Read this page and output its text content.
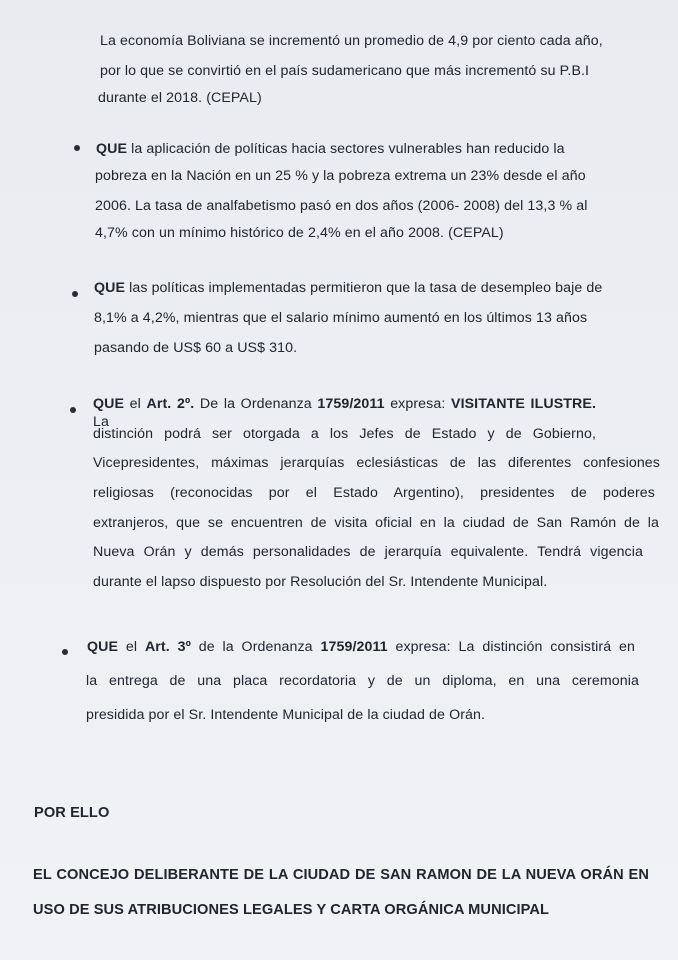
La economía Boliviana se incrementó un promedio de 4,9 por ciento cada año,
por lo que se convirtió en el país sudamericano que más incrementó su P.B.I
durante el 2018. (CEPAL)
QUE la aplicación de políticas hacia sectores vulnerables han reducido la
pobreza en la Nación en un 25 % y la pobreza extrema un 23% desde el año
2006. La tasa de analfabetismo pasó en dos años (2006- 2008) del 13,3 % al
4,7% con un mínimo histórico de 2,4% en el año 2008. (CEPAL)
QUE las políticas implementadas permitieron que la tasa de desempleo baje de
8,1% a 4,2%, mientras que el salario mínimo aumentó en los últimos 13 años
pasando de US$ 60 a US$ 310.
QUE el Art. 2º. De la Ordenanza 1759/2011 expresa: VISITANTE ILUSTRE. La
distinción podrá ser otorgada a los Jefes de Estado y de Gobierno,
Vicepresidentes, máximas jerarquías eclesiásticas de las diferentes confesiones
religiosas (reconocidas por el Estado Argentino), presidentes de poderes
extranjeros, que se encuentren de visita oficial en la ciudad de San Ramón de la
Nueva Orán y demás personalidades de jerarquía equivalente. Tendrá vigencia
durante el lapso dispuesto por Resolución del Sr. Intendente Municipal.
QUE el Art. 3º de la Ordenanza 1759/2011 expresa: La distinción consistirá en
la entrega de una placa recordatoria y de un diploma, en una ceremonia
presidida por el Sr. Intendente Municipal de la ciudad de Orán.
POR ELLO
EL CONCEJO DELIBERANTE DE LA CIUDAD DE SAN RAMON DE LA NUEVA ORÁN EN
USO DE SUS ATRIBUCIONES LEGALES Y CARTA ORGÁNICA MUNICIPAL
